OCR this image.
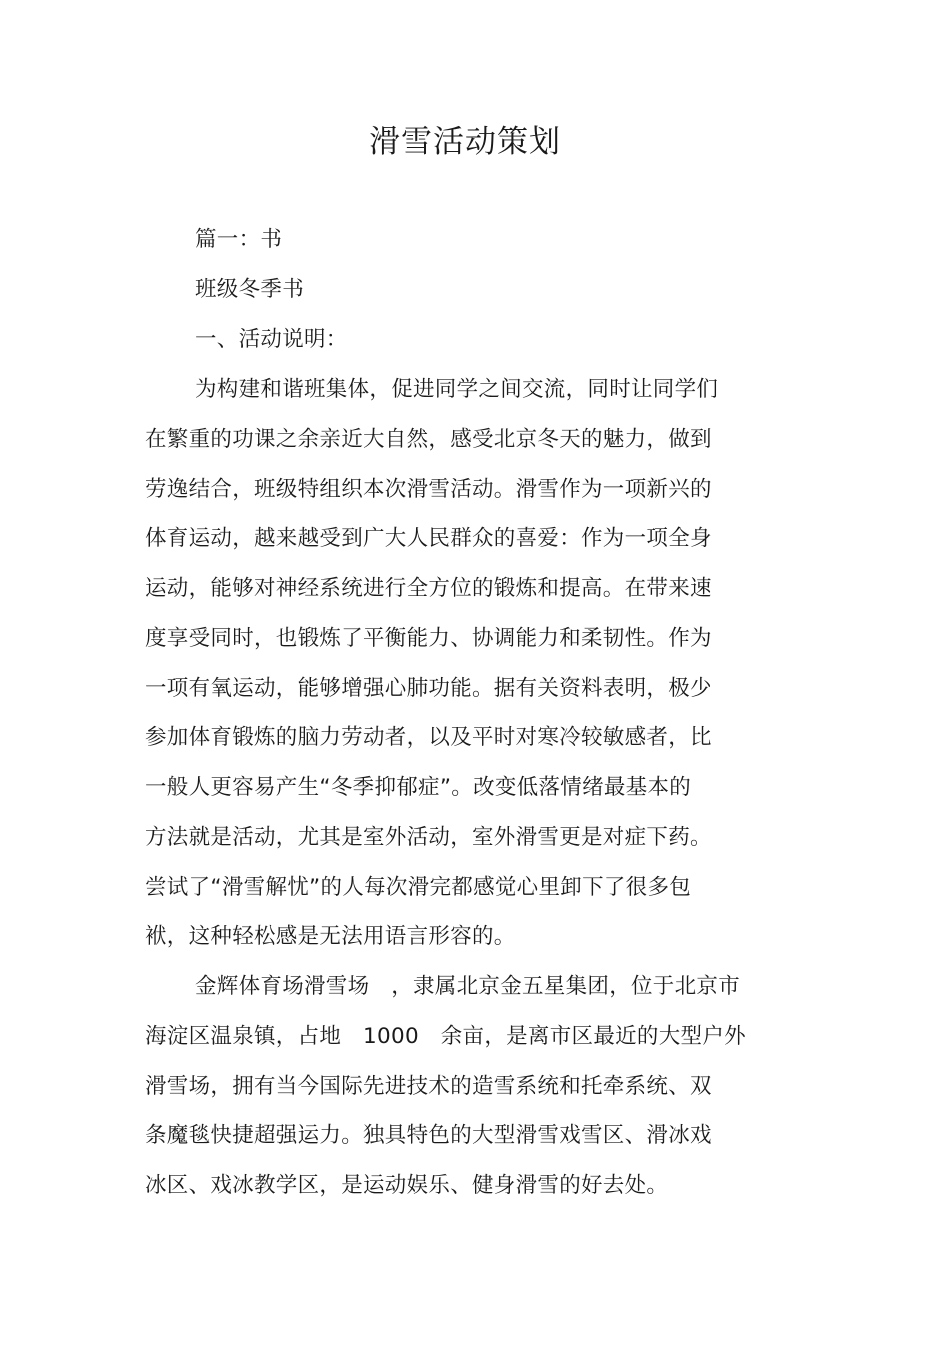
滑雪活动策划
篇一：书
班级冬季书
一、活动说明：
为构建和谐班集体，促进同学之间交流，同时让同学们
在繁重的功课之余亲近大自然，感受北京冬天的魅力，做到
劳逸结合，班级特组织本次滑雪活动。滑雪作为一项新兴的
体育运动，越来越受到广大人民群众的喜爱：作为一项全身
运动，能够对神经系统进行全方位的锻炼和提高。在带来速
度享受同时，也锻炼了平衡能力、协调能力和柔韧性。作为
一项有氧运动，能够增强心肺功能。据有关资料表明，极少
参加体育锻炼的脑力劳动者，以及平时对寒冷较敏感者，比
一般人更容易产生“冬季抑郁症”。改变低落情绪最基本的
方法就是活动，尤其是室外活动，室外滑雪更是对症下药。
尝试了“滑雪解忧”的人每次滑完都感觉心里卸下了很多包
袱，这种轻松感是无法用语言形容的。
金辉体育场滑雪场　，隶属北京金五星集团，位于北京市
海淀区温泉镇，占地　1000　余亩，是离市区最近的大型户外
滑雪场，拥有当今国际先进技术的造雪系统和托牵系统、双
条魔毯快捷超强运力。独具特色的大型滑雪戏雪区、滑冰戏
冰区、戏冰教学区，是运动娱乐、健身滑雪的好去处。
